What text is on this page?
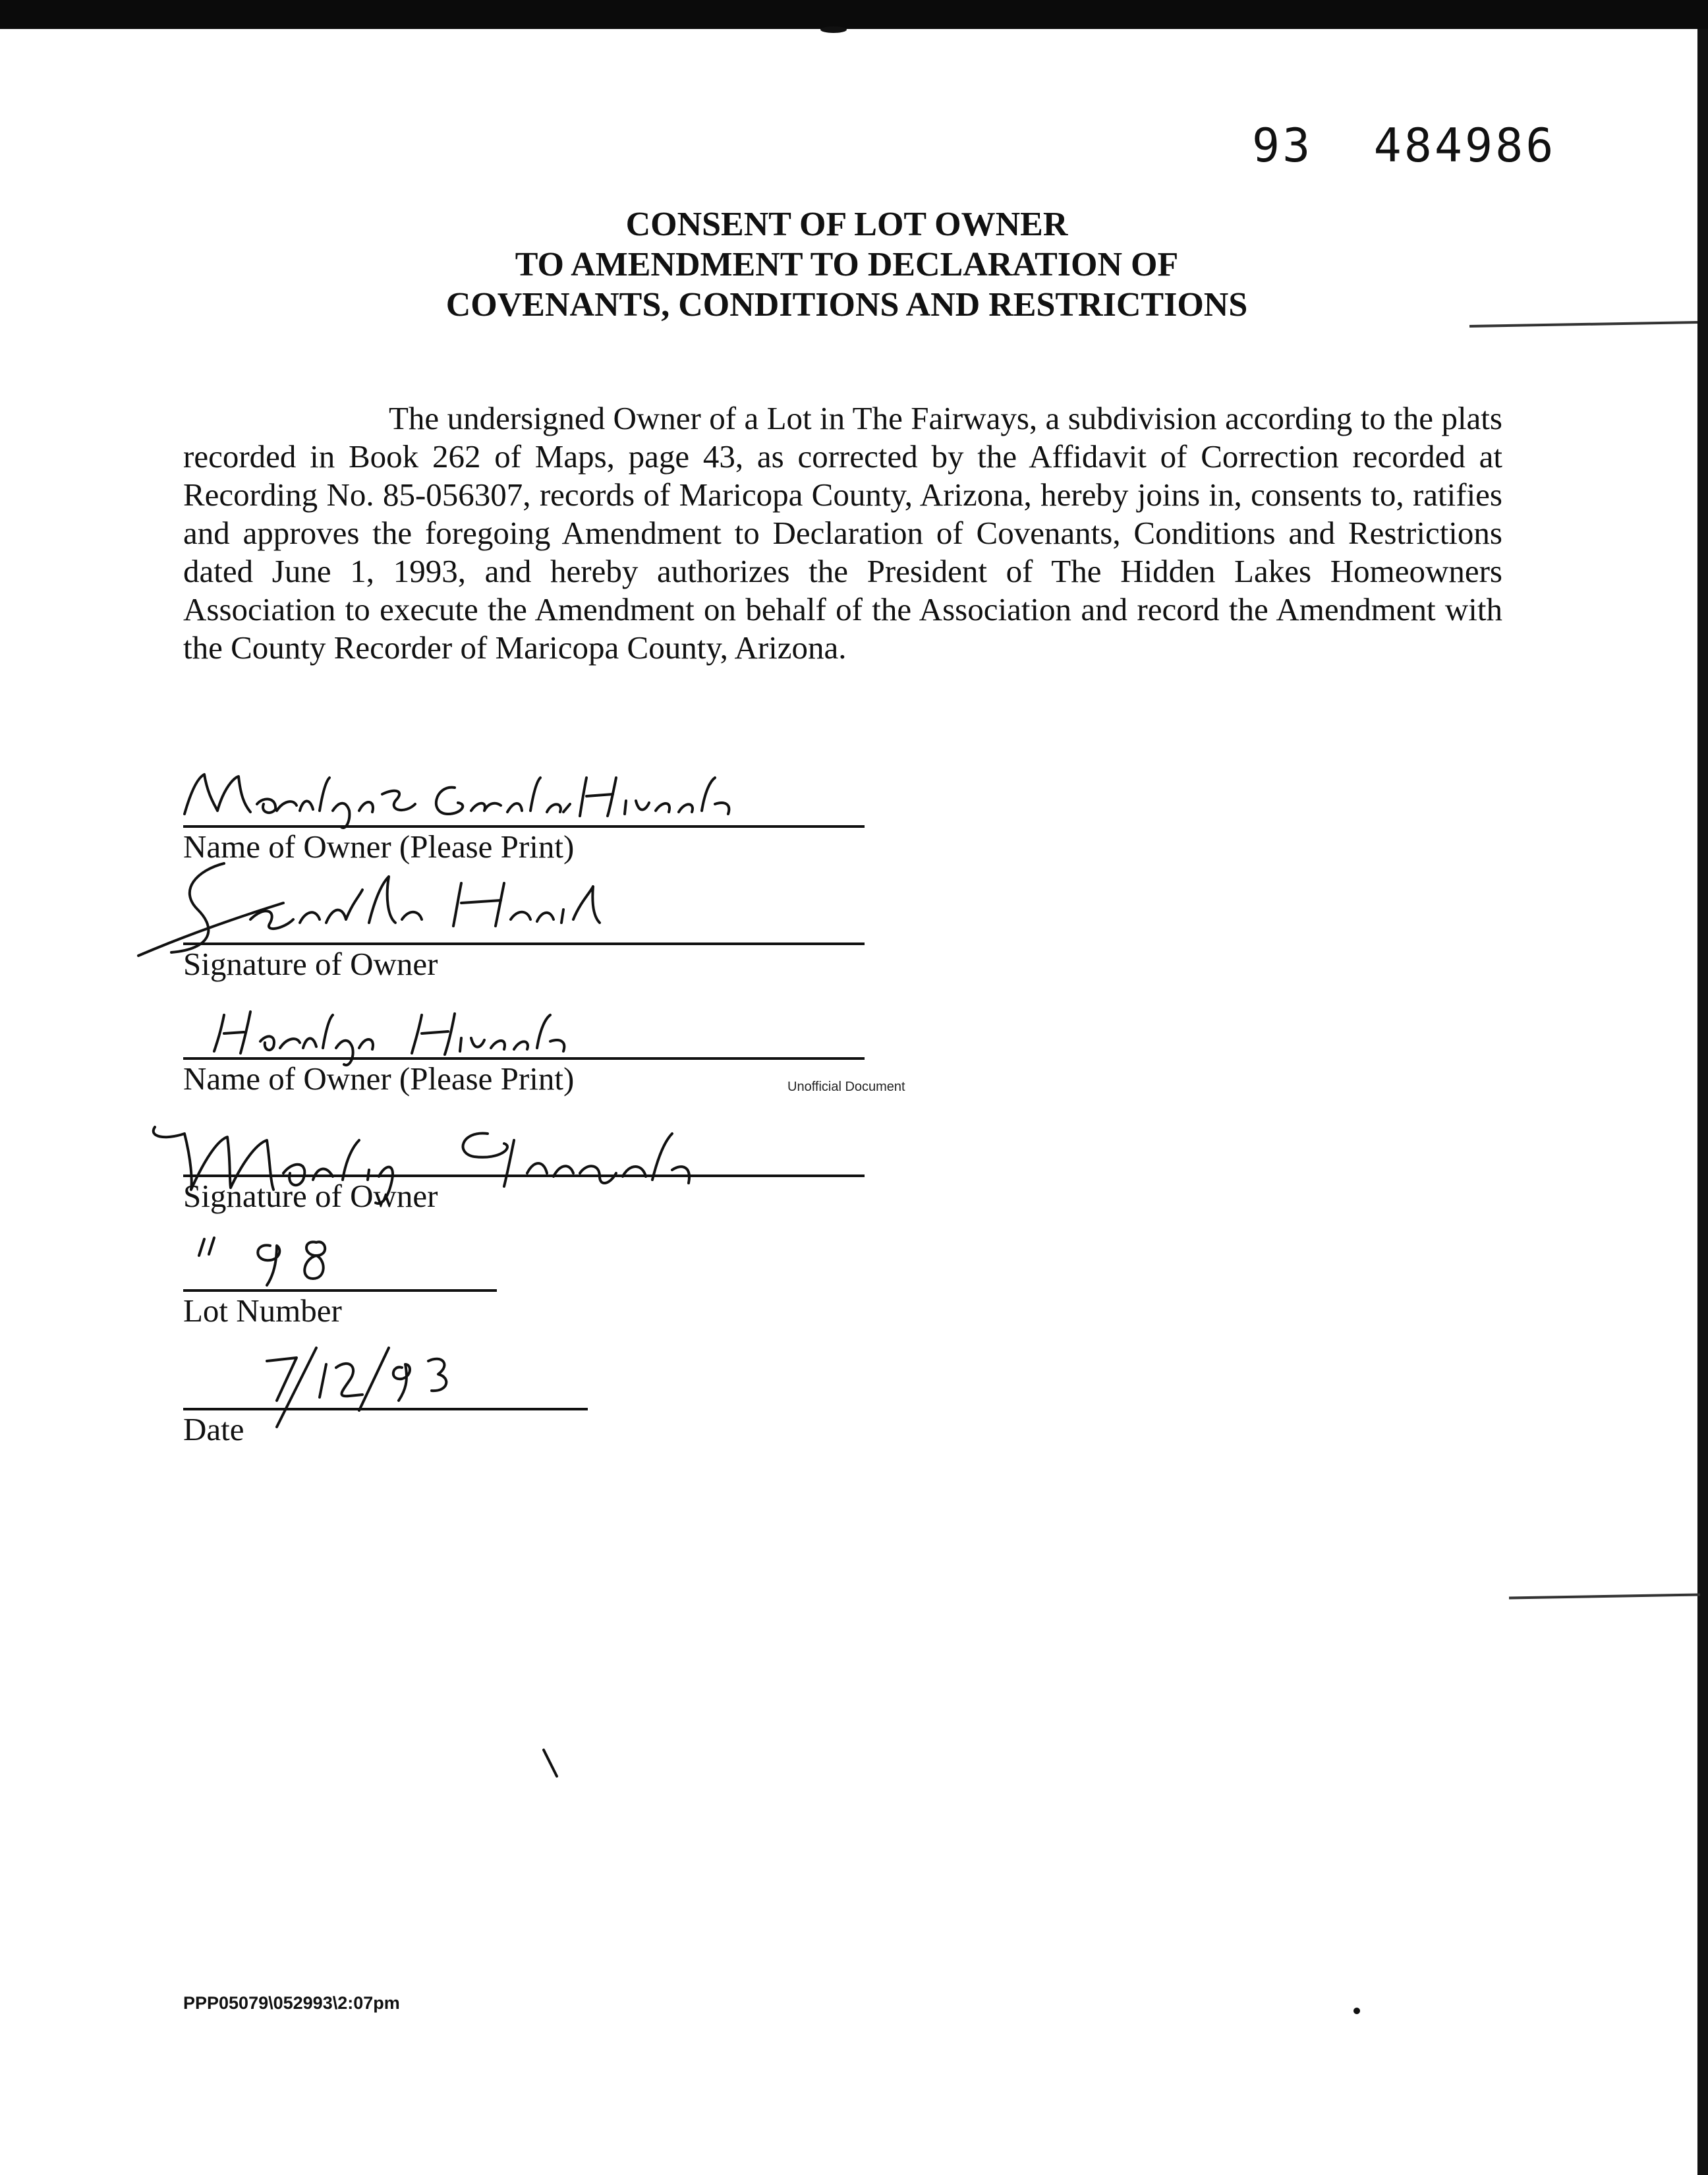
93  484986
CONSENT OF LOT OWNER
TO AMENDMENT TO DECLARATION OF
COVENANTS, CONDITIONS AND RESTRICTIONS

The undersigned Owner of a Lot in The Fairways, a subdivision according to the plats recorded in Book 262 of Maps, page 43, as corrected by the Affidavit of Correction recorded at Recording No. 85-056307, records of Maricopa County, Arizona, hereby joins in, consents to, ratifies and approves the foregoing Amendment to Declaration of Covenants, Conditions and Restrictions dated June 1, 1993, and hereby authorizes the President of The Hidden Lakes Homeowners Association to execute the Amendment on behalf of the Association and record the Amendment with the County Recorder of Maricopa County, Arizona.

Name of Owner (Please Print)
Signature of Owner
Name of Owner (Please Print)	Unofficial Document
Signature of Owner
Lot Number
Date
PPP05079\052993\2:07pm
